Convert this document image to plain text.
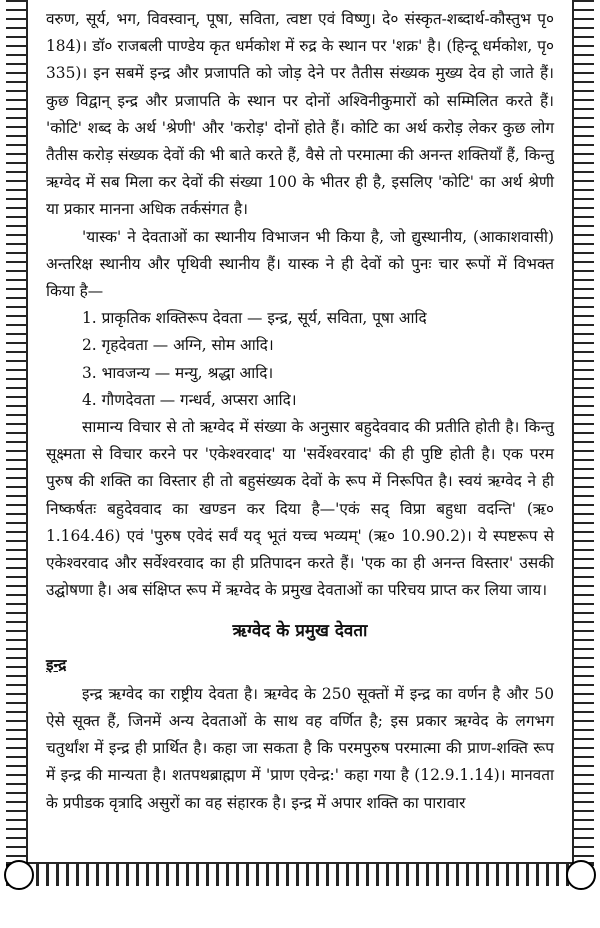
वरुण, सूर्य, भग, विवस्वान्, पूषा, सविता, त्वष्टा एवं विष्णु। दे० संस्कृत-शब्दार्थ-कौस्तुभ पृ० 184)। डॉ० राजबली पाण्डेय कृत धर्मकोश में रुद्र के स्थान पर 'शक्र' है। (हिन्दू धर्मकोश, पृ० 335)। इन सबमें इन्द्र और प्रजापति को जोड़ देने पर तैतीस संख्यक मुख्य देव हो जाते हैं। कुछ विद्वान् इन्द्र और प्रजापति के स्थान पर दोनों अश्विनीकुमारों को सम्मिलित करते हैं। 'कोटि' शब्द के अर्थ 'श्रेणी' और 'करोड़' दोनों होते हैं। कोटि का अर्थ करोड़ लेकर कुछ लोग तैतीस करोड़ संख्यक देवों की भी बाते करते हैं, वैसे तो परमात्मा की अनन्त शक्तियाँ हैं, किन्तु ऋग्वेद में सब मिला कर देवों की संख्या 100 के भीतर ही है, इसलिए 'कोटि' का अर्थ श्रेणी या प्रकार मानना अधिक तर्कसंगत है।

'यास्क' ने देवताओं का स्थानीय विभाजन भी किया है, जो द्युस्थानीय, (आकाशवासी) अन्तरिक्ष स्थानीय और पृथिवी स्थानीय हैं। यास्क ने ही देवों को पुनः चार रूपों में विभक्त किया है—

1. प्राकृतिक शक्तिरूप देवता — इन्द्र, सूर्य, सविता, पूषा आदि
2. गृहदेवता — अग्नि, सोम आदि।
3. भावजन्य — मन्यु, श्रद्धा आदि।
4. गौणदेवता — गन्धर्व, अप्सरा आदि।

सामान्य विचार से तो ऋग्वेद में संख्या के अनुसार बहुदेववाद की प्रतीति होती है। किन्तु सूक्ष्मता से विचार करने पर 'एकेश्वरवाद' या 'सर्वेश्वरवाद' की ही पुष्टि होती है। एक परम पुरुष की शक्ति का विस्तार ही तो बहुसंख्यक देवों के रूप में निरूपित है। स्वयं ऋग्वेद ने ही निष्कर्षतः बहुदेववाद का खण्डन कर दिया है—'एकं सद् विप्रा बहुधा वदन्ति' (ऋ० 1.164.46) एवं 'पुरुष एवेदं सर्वं यद् भूतं यच्च भव्यम्' (ऋ० 10.90.2)। ये स्पष्टरूप से एकेश्वरवाद और सर्वेश्वरवाद का ही प्रतिपादन करते हैं। 'एक का ही अनन्त विस्तार' उसकी उद्घोषणा है। अब संक्षिप्त रूप में ऋग्वेद के प्रमुख देवताओं का परिचय प्राप्त कर लिया जाय।

ऋग्वेद के प्रमुख देवता
इन्द्र

इन्द्र ऋग्वेद का राष्ट्रीय देवता है। ऋग्वेद के 250 सूक्तों में इन्द्र का वर्णन है और 50 ऐसे सूक्त हैं, जिनमें अन्य देवताओं के साथ वह वर्णित है; इस प्रकार ऋग्वेद के लगभग चतुर्थांश में इन्द्र ही प्रार्थित है। कहा जा सकता है कि परमपुरुष परमात्मा की प्राण-शक्ति रूप में इन्द्र की मान्यता है। शतपथब्राह्मण में 'प्राण एवेन्द्र:' कहा गया है (12.9.1.14)। मानवता के प्रपीडक वृत्रादि असुरों का वह संहारक है। इन्द्र में अपार शक्ति का पारावार
